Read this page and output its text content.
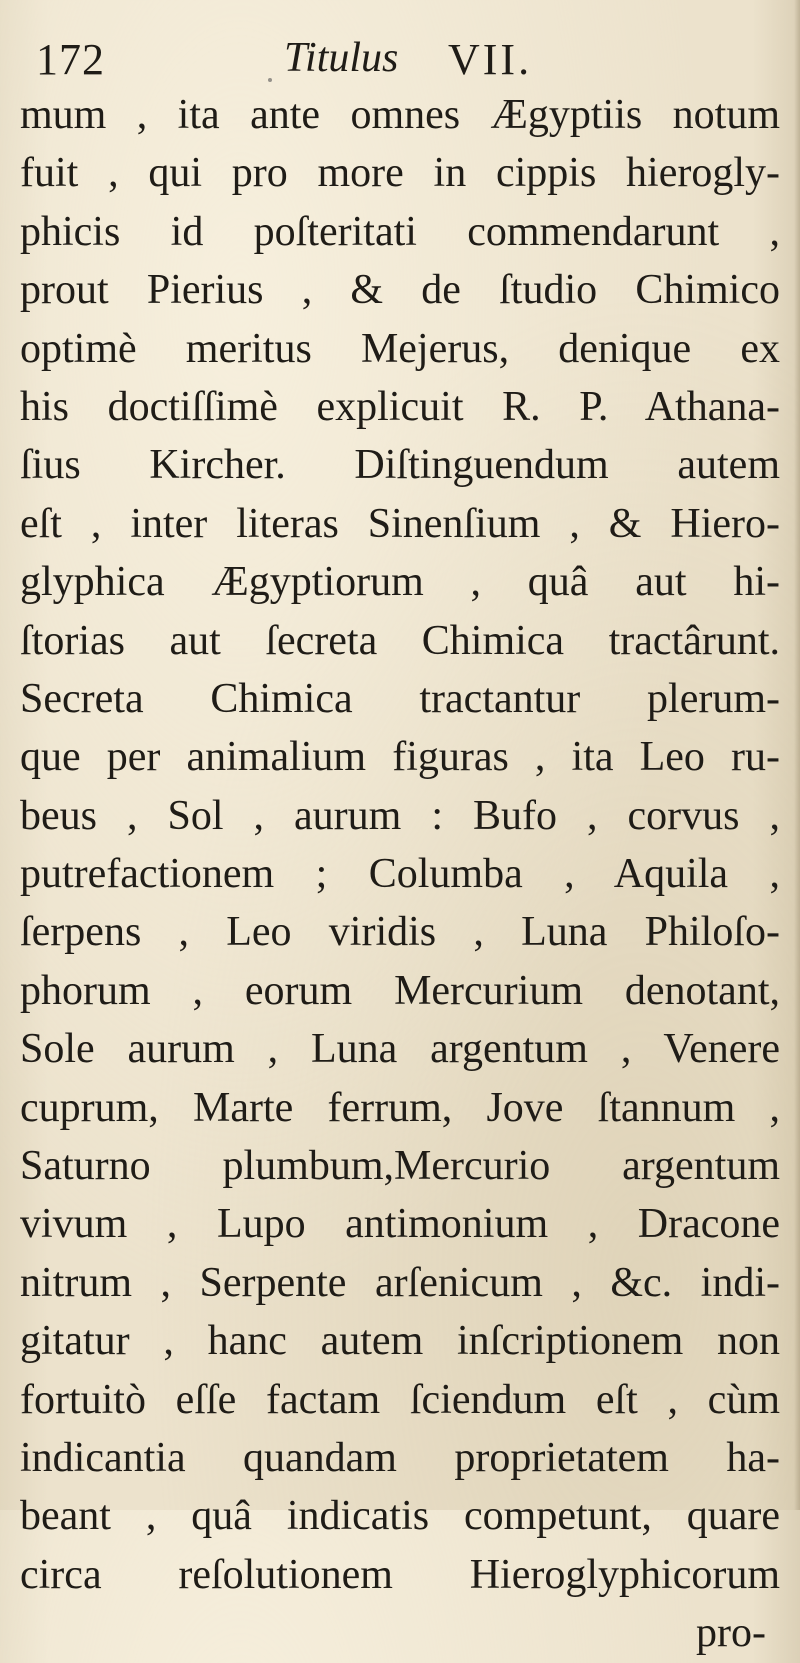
172	Titulus VII.
mum , ita ante omnes Ægyptiis notum
fuit , qui pro more in cippis hierogly-
phicis id poſteritati commendarunt ,
prout Pierius , & de ſtudio Chimico
optimè meritus Mejerus, denique ex
his doctiſſimè explicuit R. P. Athana-
ſius Kircher. Diſtinguendum autem
eſt , inter literas Sinenſium , & Hiero-
glyphica Ægyptiorum , quâ aut hi-
ſtorias aut ſecreta Chimica tractârunt.
Secreta Chimica tractantur plerum-
que per animalium figuras , ita Leo ru-
beus , Sol , aurum : Bufo , corvus ,
putrefactionem ; Columba , Aquila ,
ſerpens , Leo viridis , Luna Philoſo-
phorum , eorum Mercurium denotant,
Sole aurum , Luna argentum , Venere
cuprum, Marte ferrum, Jove ſtannum ,
Saturno plumbum,Mercurio argentum
vivum , Lupo antimonium , Dracone
nitrum , Serpente arſenicum , &c. indi-
gitatur , hanc autem inſcriptionem non
fortuitò eſſe factam ſciendum eſt , cùm
indicantia quandam proprietatem ha-
beant , quâ indicatis competunt, quare
circa reſolutionem Hieroglyphicorum
pro-
